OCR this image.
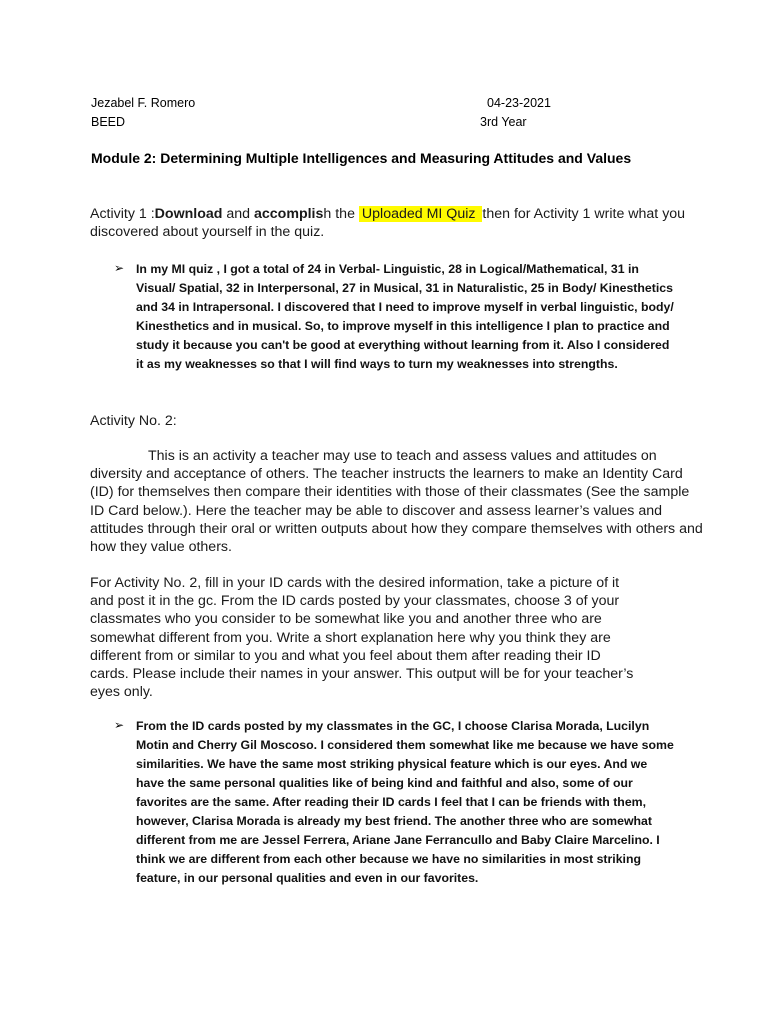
Jezabel F. Romero	04-23-2021
BEED	3rd Year
Module 2: Determining Multiple Intelligences and Measuring Attitudes and Values
Activity 1 :Download and accomplish the Uploaded MI Quiz then for Activity 1 write what you discovered about yourself in the quiz.
➢ In my MI quiz , I got a total of 24 in Verbal- Linguistic, 28 in Logical/Mathematical, 31 in Visual/ Spatial, 32 in Interpersonal, 27 in Musical, 31 in Naturalistic, 25 in Body/ Kinesthetics and 34 in Intrapersonal. I discovered that I need to improve myself in verbal linguistic, body/ Kinesthetics and in musical. So, to improve myself in this intelligence I plan to practice and study it because you can't be good at everything without learning from it. Also I considered it as my weaknesses so that I will find ways to turn my weaknesses into strengths.
Activity No. 2:
This is an activity a teacher may use to teach and assess values and attitudes on diversity and acceptance of others. The teacher instructs the learners to make an Identity Card (ID) for themselves then compare their identities with those of their classmates (See the sample ID Card below.). Here the teacher may be able to discover and assess learner’s values and attitudes through their oral or written outputs about how they compare themselves with others and how they value others.
For Activity No. 2, fill in your ID cards with the desired information, take a picture of it and post it in the gc. From the ID cards posted by your classmates, choose 3 of your classmates who you consider to be somewhat like you and another three who are somewhat different from you. Write a short explanation here why you think they are different from or similar to you and what you feel about them after reading their ID cards. Please include their names in your answer. This output will be for your teacher’s eyes only.
➢ From the ID cards posted by my classmates in the GC, I choose Clarisa Morada, Lucilyn Motin and Cherry Gil Moscoso. I considered them somewhat like me because we have some similarities. We have the same most striking physical feature which is our eyes. And we have the same personal qualities like of being kind and faithful and also, some of our favorites are the same. After reading their ID cards I feel that I can be friends with them, however, Clarisa Morada is already my best friend. The another three who are somewhat different from me are Jessel Ferrera, Ariane Jane Ferrancullo and Baby Claire Marcelino. I think we are different from each other because we have no similarities in most striking feature, in our personal qualities and even in our favorites.
